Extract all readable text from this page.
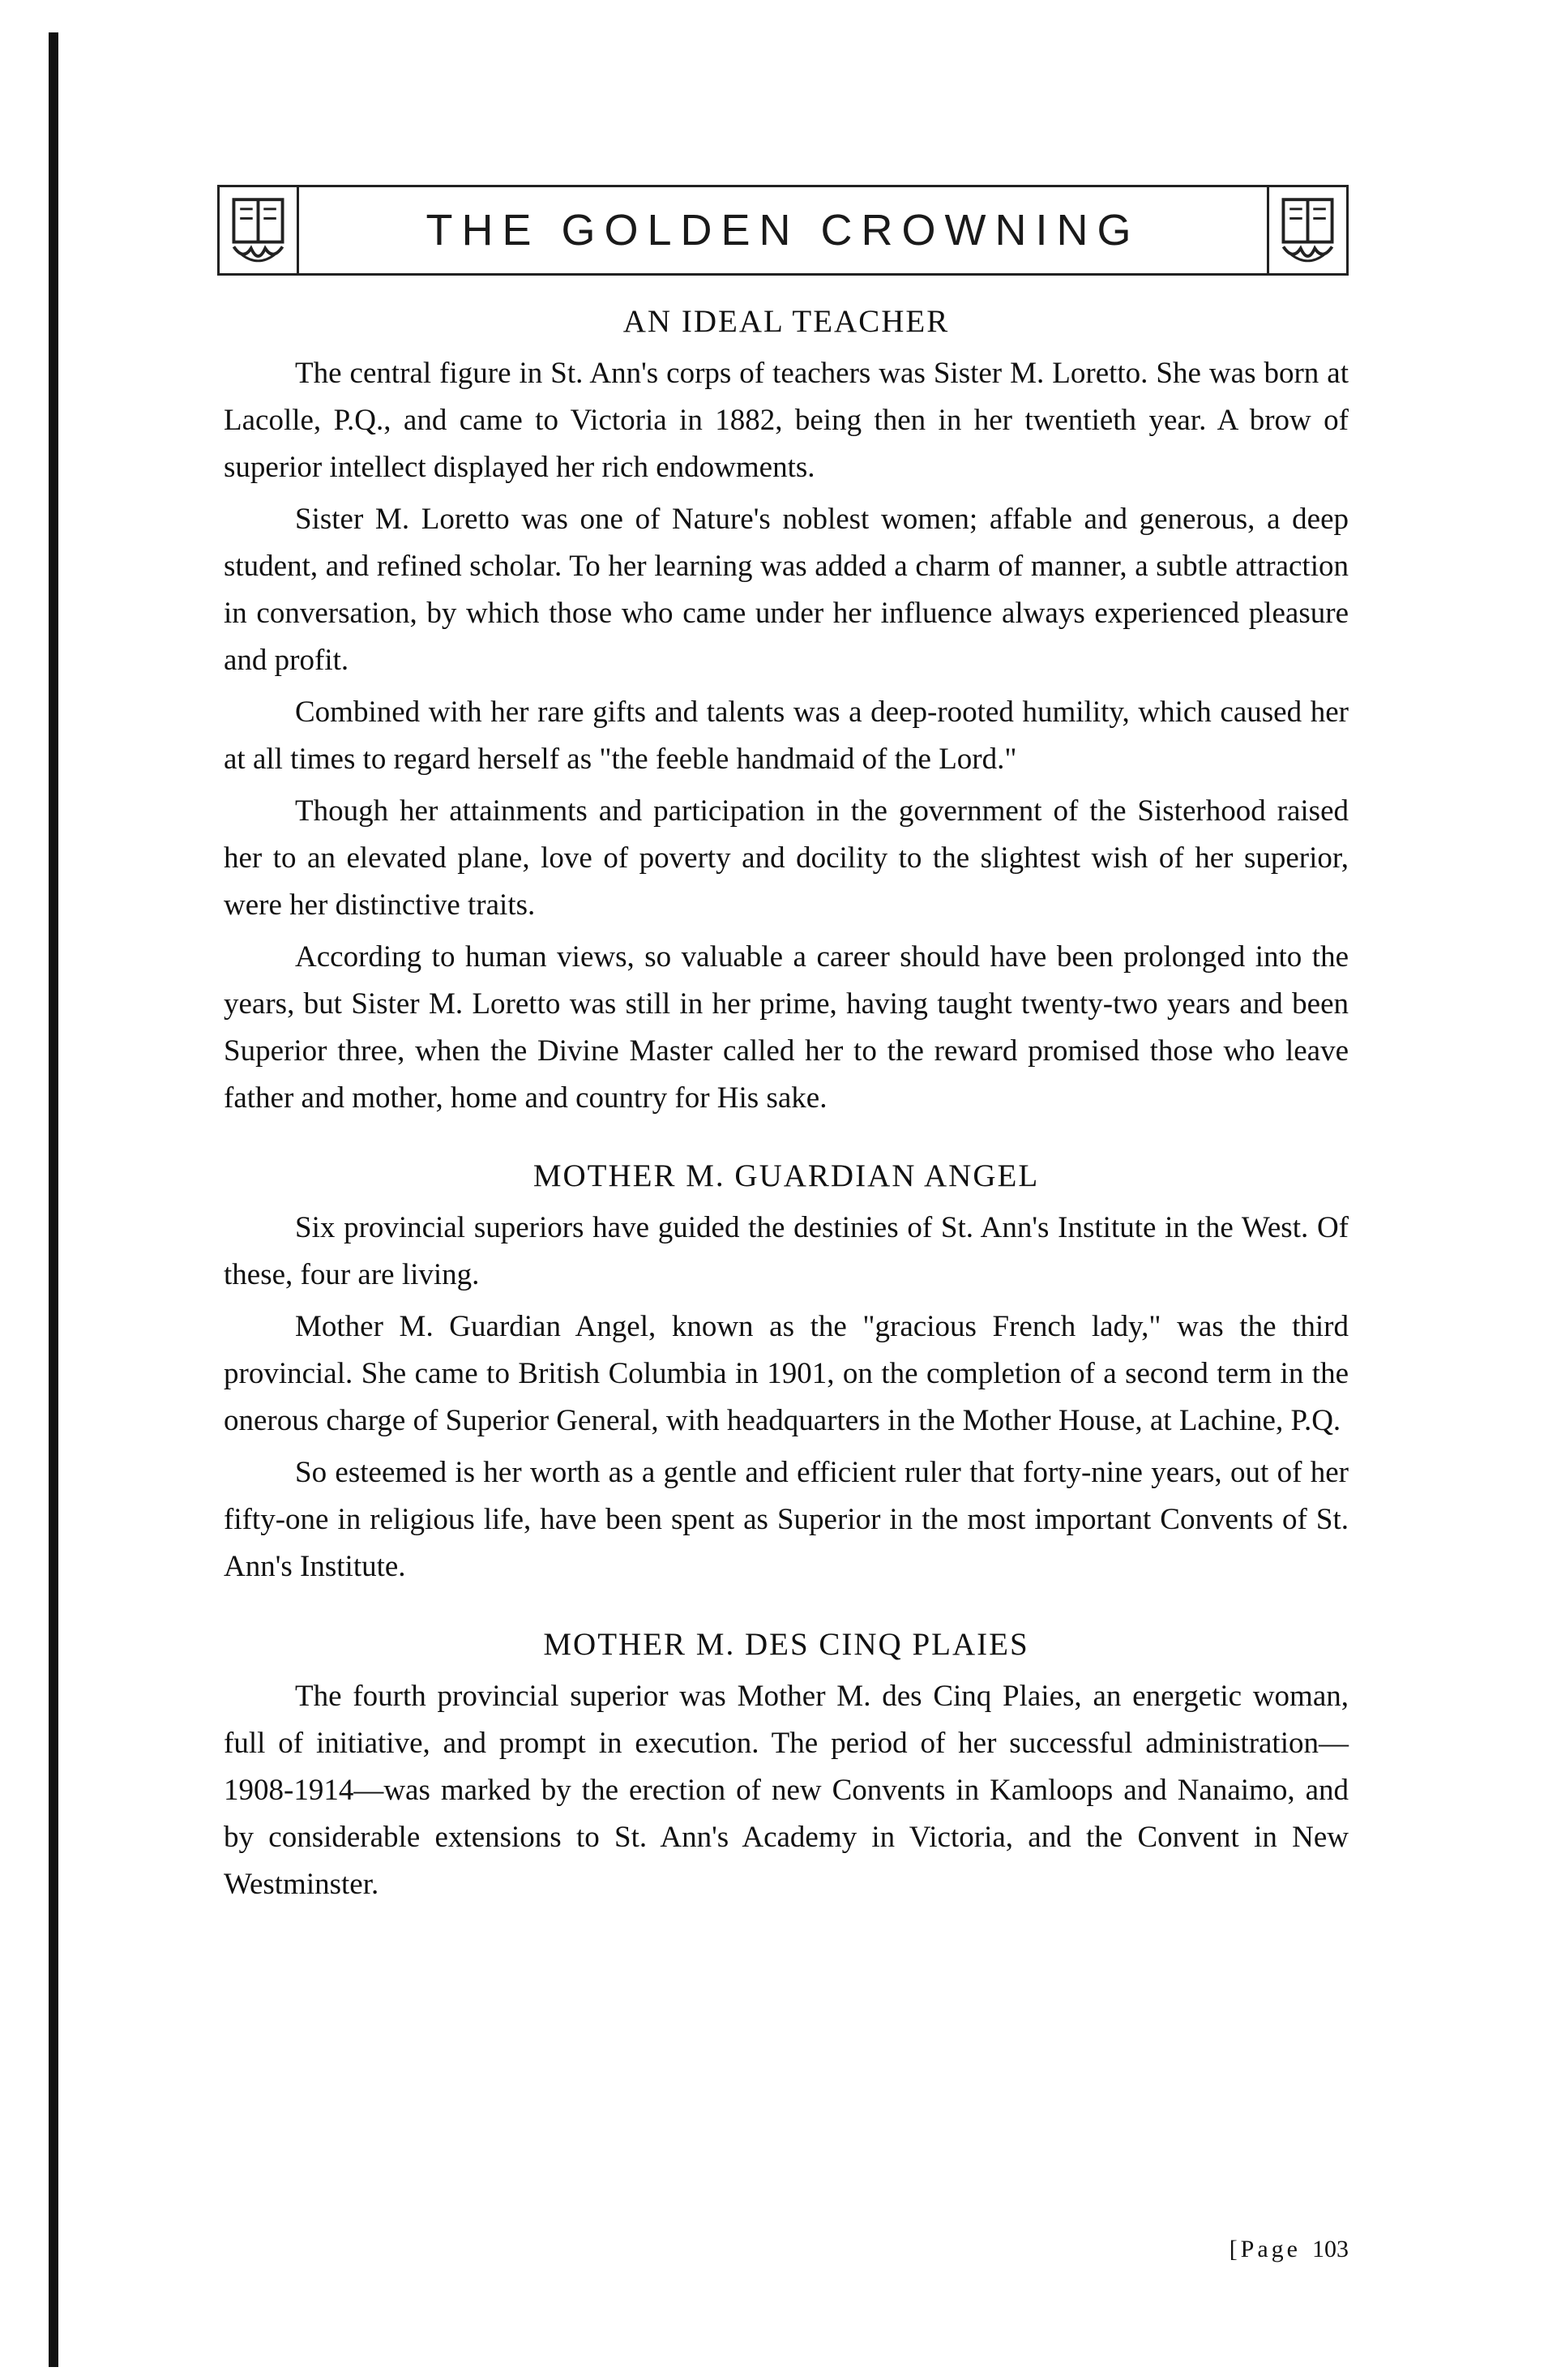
THE GOLDEN CROWNING
AN IDEAL TEACHER

The central figure in St. Ann's corps of teachers was Sister M. Loretto. She was born at Lacolle, P.Q., and came to Victoria in 1882, being then in her twentieth year. A brow of superior intellect displayed her rich endowments.

Sister M. Loretto was one of Nature's noblest women; affable and generous, a deep student, and refined scholar. To her learning was added a charm of manner, a subtle attraction in conversation, by which those who came under her influence always experienced pleasure and profit.

Combined with her rare gifts and talents was a deep-rooted humility, which caused her at all times to regard herself as "the feeble handmaid of the Lord."

Though her attainments and participation in the government of the Sisterhood raised her to an elevated plane, love of poverty and docility to the slightest wish of her superior, were her distinctive traits.

According to human views, so valuable a career should have been prolonged into the years, but Sister M. Loretto was still in her prime, having taught twenty-two years and been Superior three, when the Divine Master called her to the reward promised those who leave father and mother, home and country for His sake.

MOTHER M. GUARDIAN ANGEL

Six provincial superiors have guided the destinies of St. Ann's Institute in the West. Of these, four are living.

Mother M. Guardian Angel, known as the "gracious French lady," was the third provincial. She came to British Columbia in 1901, on the completion of a second term in the onerous charge of Superior General, with headquarters in the Mother House, at Lachine, P.Q.

So esteemed is her worth as a gentle and efficient ruler that forty-nine years, out of her fifty-one in religious life, have been spent as Superior in the most important Convents of St. Ann's Institute.

MOTHER M. DES CINQ PLAIES

The fourth provincial superior was Mother M. des Cinq Plaies, an energetic woman, full of initiative, and prompt in execution. The period of her successful administration—1908-1914—was marked by the erection of new Convents in Kamloops and Nanaimo, and by considerable extensions to St. Ann's Academy in Victoria, and the Convent in New Westminster.

[Page 103
